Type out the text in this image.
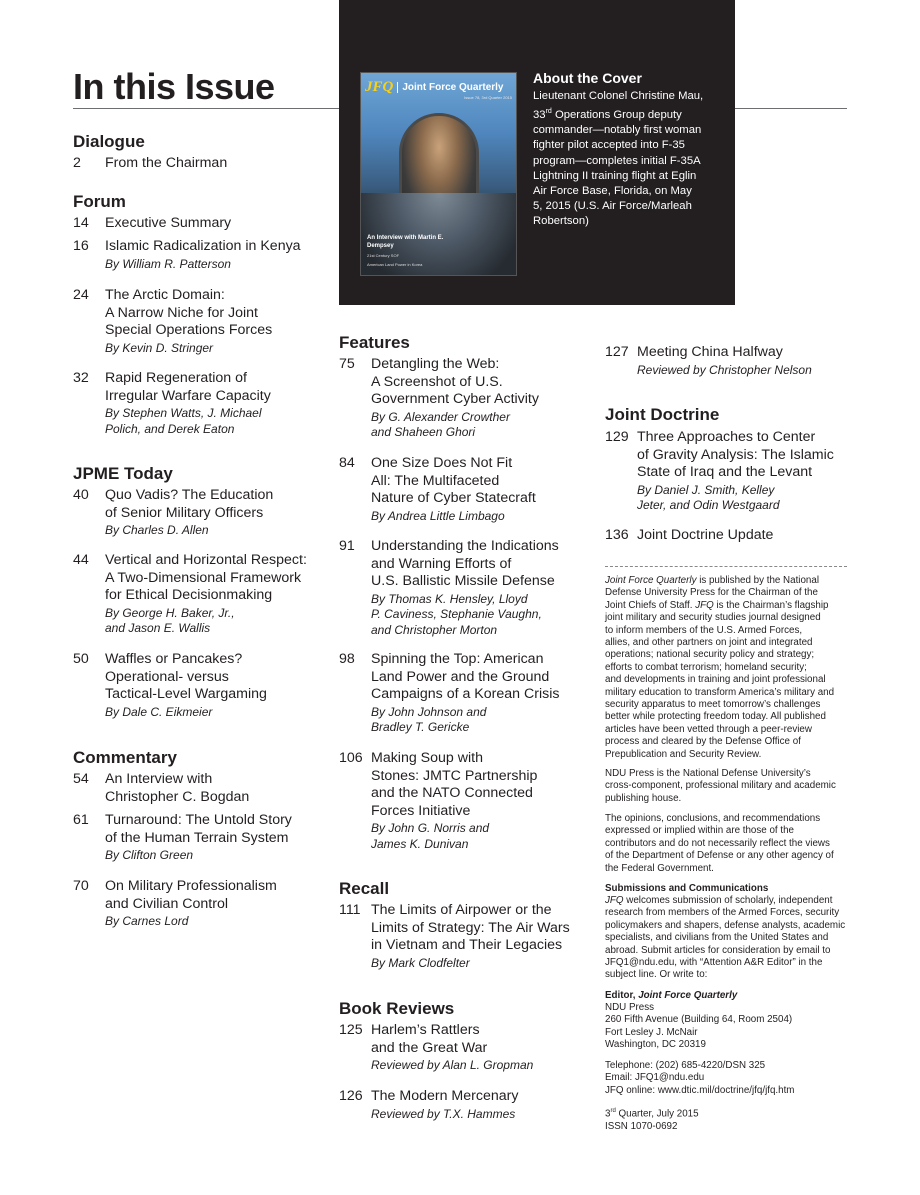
In this Issue	JFQ Joint Force Quarterly
Issue 78, 3rd Quarter 2015
An Interview with Martin E. Dempsey
21st Century SOF
American Land Power in Korea
About the Cover
Lieutenant Colonel Christine Mau,
33rd Operations Group deputy
commander—notably first woman
fighter pilot accepted into F-35
program—completes initial F-35A
Lightning II training flight at Eglin
Air Force Base, Florida, on May
5, 2015 (U.S. Air Force/Marleah
Robertson)
Dialogue
2 From the Chairman
Forum
14 Executive Summary
16 Islamic Radicalization in Kenya
By William R. Patterson
24 The Arctic Domain:
A Narrow Niche for Joint
Special Operations Forces
By Kevin D. Stringer
32 Rapid Regeneration of
Irregular Warfare Capacity
By Stephen Watts, J. Michael
Polich, and Derek Eaton
JPME Today
40 Quo Vadis? The Education
of Senior Military Officers
By Charles D. Allen
44 Vertical and Horizontal Respect:
A Two-Dimensional Framework
for Ethical Decisionmaking
By George H. Baker, Jr.,
and Jason E. Wallis
50 Waffles or Pancakes?
Operational- versus
Tactical-Level Wargaming
By Dale C. Eikmeier
Commentary
54 An Interview with
Christopher C. Bogdan
61 Turnaround: The Untold Story
of the Human Terrain System
By Clifton Green
70 On Military Professionalism
and Civilian Control
By Carnes Lord
Features
75 Detangling the Web:
A Screenshot of U.S.
Government Cyber Activity
By G. Alexander Crowther
and Shaheen Ghori
84 One Size Does Not Fit
All: The Multifaceted
Nature of Cyber Statecraft
By Andrea Little Limbago
91 Understanding the Indications
and Warning Efforts of
U.S. Ballistic Missile Defense
By Thomas K. Hensley, Lloyd
P. Caviness, Stephanie Vaughn,
and Christopher Morton
98 Spinning the Top: American
Land Power and the Ground
Campaigns of a Korean Crisis
By John Johnson and
Bradley T. Gericke
106 Making Soup with
Stones: JMTC Partnership
and the NATO Connected
Forces Initiative
By John G. Norris and
James K. Dunivan
Recall
111 The Limits of Airpower or the
Limits of Strategy: The Air Wars
in Vietnam and Their Legacies
By Mark Clodfelter
Book Reviews
125 Harlem’s Rattlers
and the Great War
Reviewed by Alan L. Gropman
126 The Modern Mercenary
Reviewed by T.X. Hammes
127 Meeting China Halfway
Reviewed by Christopher Nelson
Joint Doctrine
129 Three Approaches to Center
of Gravity Analysis: The Islamic
State of Iraq and the Levant
By Daniel J. Smith, Kelley
Jeter, and Odin Westgaard
136 Joint Doctrine Update
Joint Force Quarterly is published by the National
Defense University Press for the Chairman of the
Joint Chiefs of Staff. JFQ is the Chairman’s flagship
joint military and security studies journal designed
to inform members of the U.S. Armed Forces,
allies, and other partners on joint and integrated
operations; national security policy and strategy;
efforts to combat terrorism; homeland security;
and developments in training and joint professional
military education to transform America’s military and
security apparatus to meet tomorrow’s challenges
better while protecting freedom today. All published
articles have been vetted through a peer-review
process and cleared by the Defense Office of
Prepublication and Security Review.
NDU Press is the National Defense University’s
cross-component, professional military and academic
publishing house.
The opinions, conclusions, and recommendations
expressed or implied within are those of the
contributors and do not necessarily reflect the views
of the Department of Defense or any other agency of
the Federal Government.
Submissions and Communications
JFQ welcomes submission of scholarly, independent
research from members of the Armed Forces, security
policymakers and shapers, defense analysts, academic
specialists, and civilians from the United States and
abroad. Submit articles for consideration by email to
JFQ1@ndu.edu, with “Attention A&R Editor” in the
subject line. Or write to:
Editor, Joint Force Quarterly
NDU Press
260 Fifth Avenue (Building 64, Room 2504)
Fort Lesley J. McNair
Washington, DC 20319
Telephone: (202) 685-4220/DSN 325
Email: JFQ1@ndu.edu
JFQ online: www.dtic.mil/doctrine/jfq/jfq.htm
3rd Quarter, July 2015
ISSN 1070-0692
